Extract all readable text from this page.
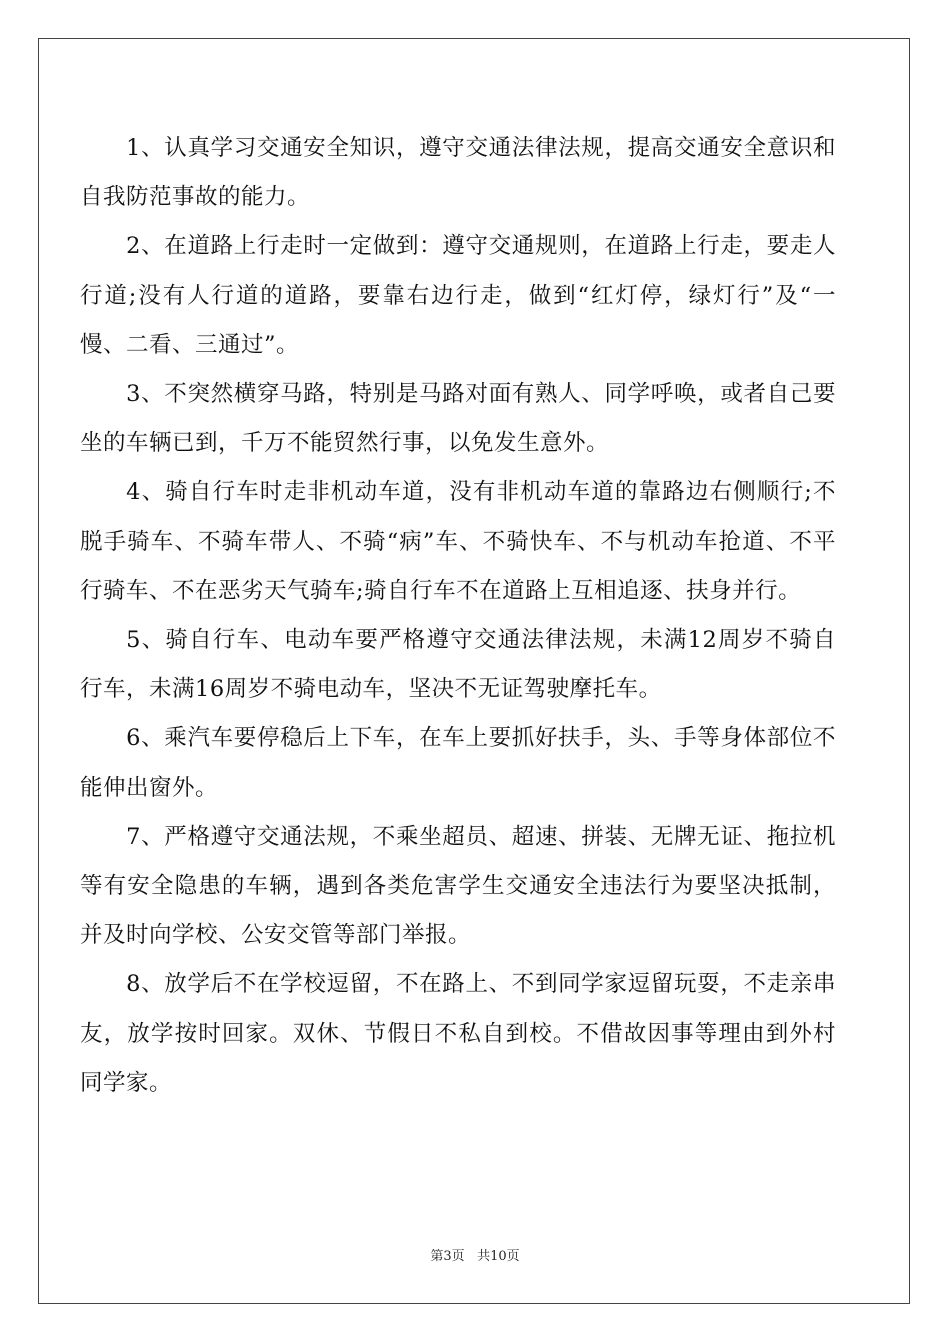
1、认真学习交通安全知识，遵守交通法律法规，提高交通安全意识和自我防范事故的能力。

2、在道路上行走时一定做到：遵守交通规则，在道路上行走，要走人行道;没有人行道的道路，要靠右边行走，做到“红灯停，绿灯行”及“一慢、二看、三通过”。

3、不突然横穿马路，特别是马路对面有熟人、同学呼唤，或者自己要坐的车辆已到，千万不能贸然行事，以免发生意外。

4、骑自行车时走非机动车道，没有非机动车道的靠路边右侧顺行;不脱手骑车、不骑车带人、不骑“病”车、不骑快车、不与机动车抢道、不平行骑车、不在恶劣天气骑车;骑自行车不在道路上互相追逐、扶身并行。

5、骑自行车、电动车要严格遵守交通法律法规，未满12周岁不骑自行车，未满16周岁不骑电动车，坚决不无证驾驶摩托车。

6、乘汽车要停稳后上下车，在车上要抓好扶手，头、手等身体部位不能伸出窗外。

7、严格遵守交通法规，不乘坐超员、超速、拼装、无牌无证、拖拉机等有安全隐患的车辆，遇到各类危害学生交通安全违法行为要坚决抵制，并及时向学校、公安交管等部门举报。

8、放学后不在学校逗留，不在路上、不到同学家逗留玩耍，不走亲串友，放学按时回家。双休、节假日不私自到校。不借故因事等理由到外村同学家。

第3页 共10页
